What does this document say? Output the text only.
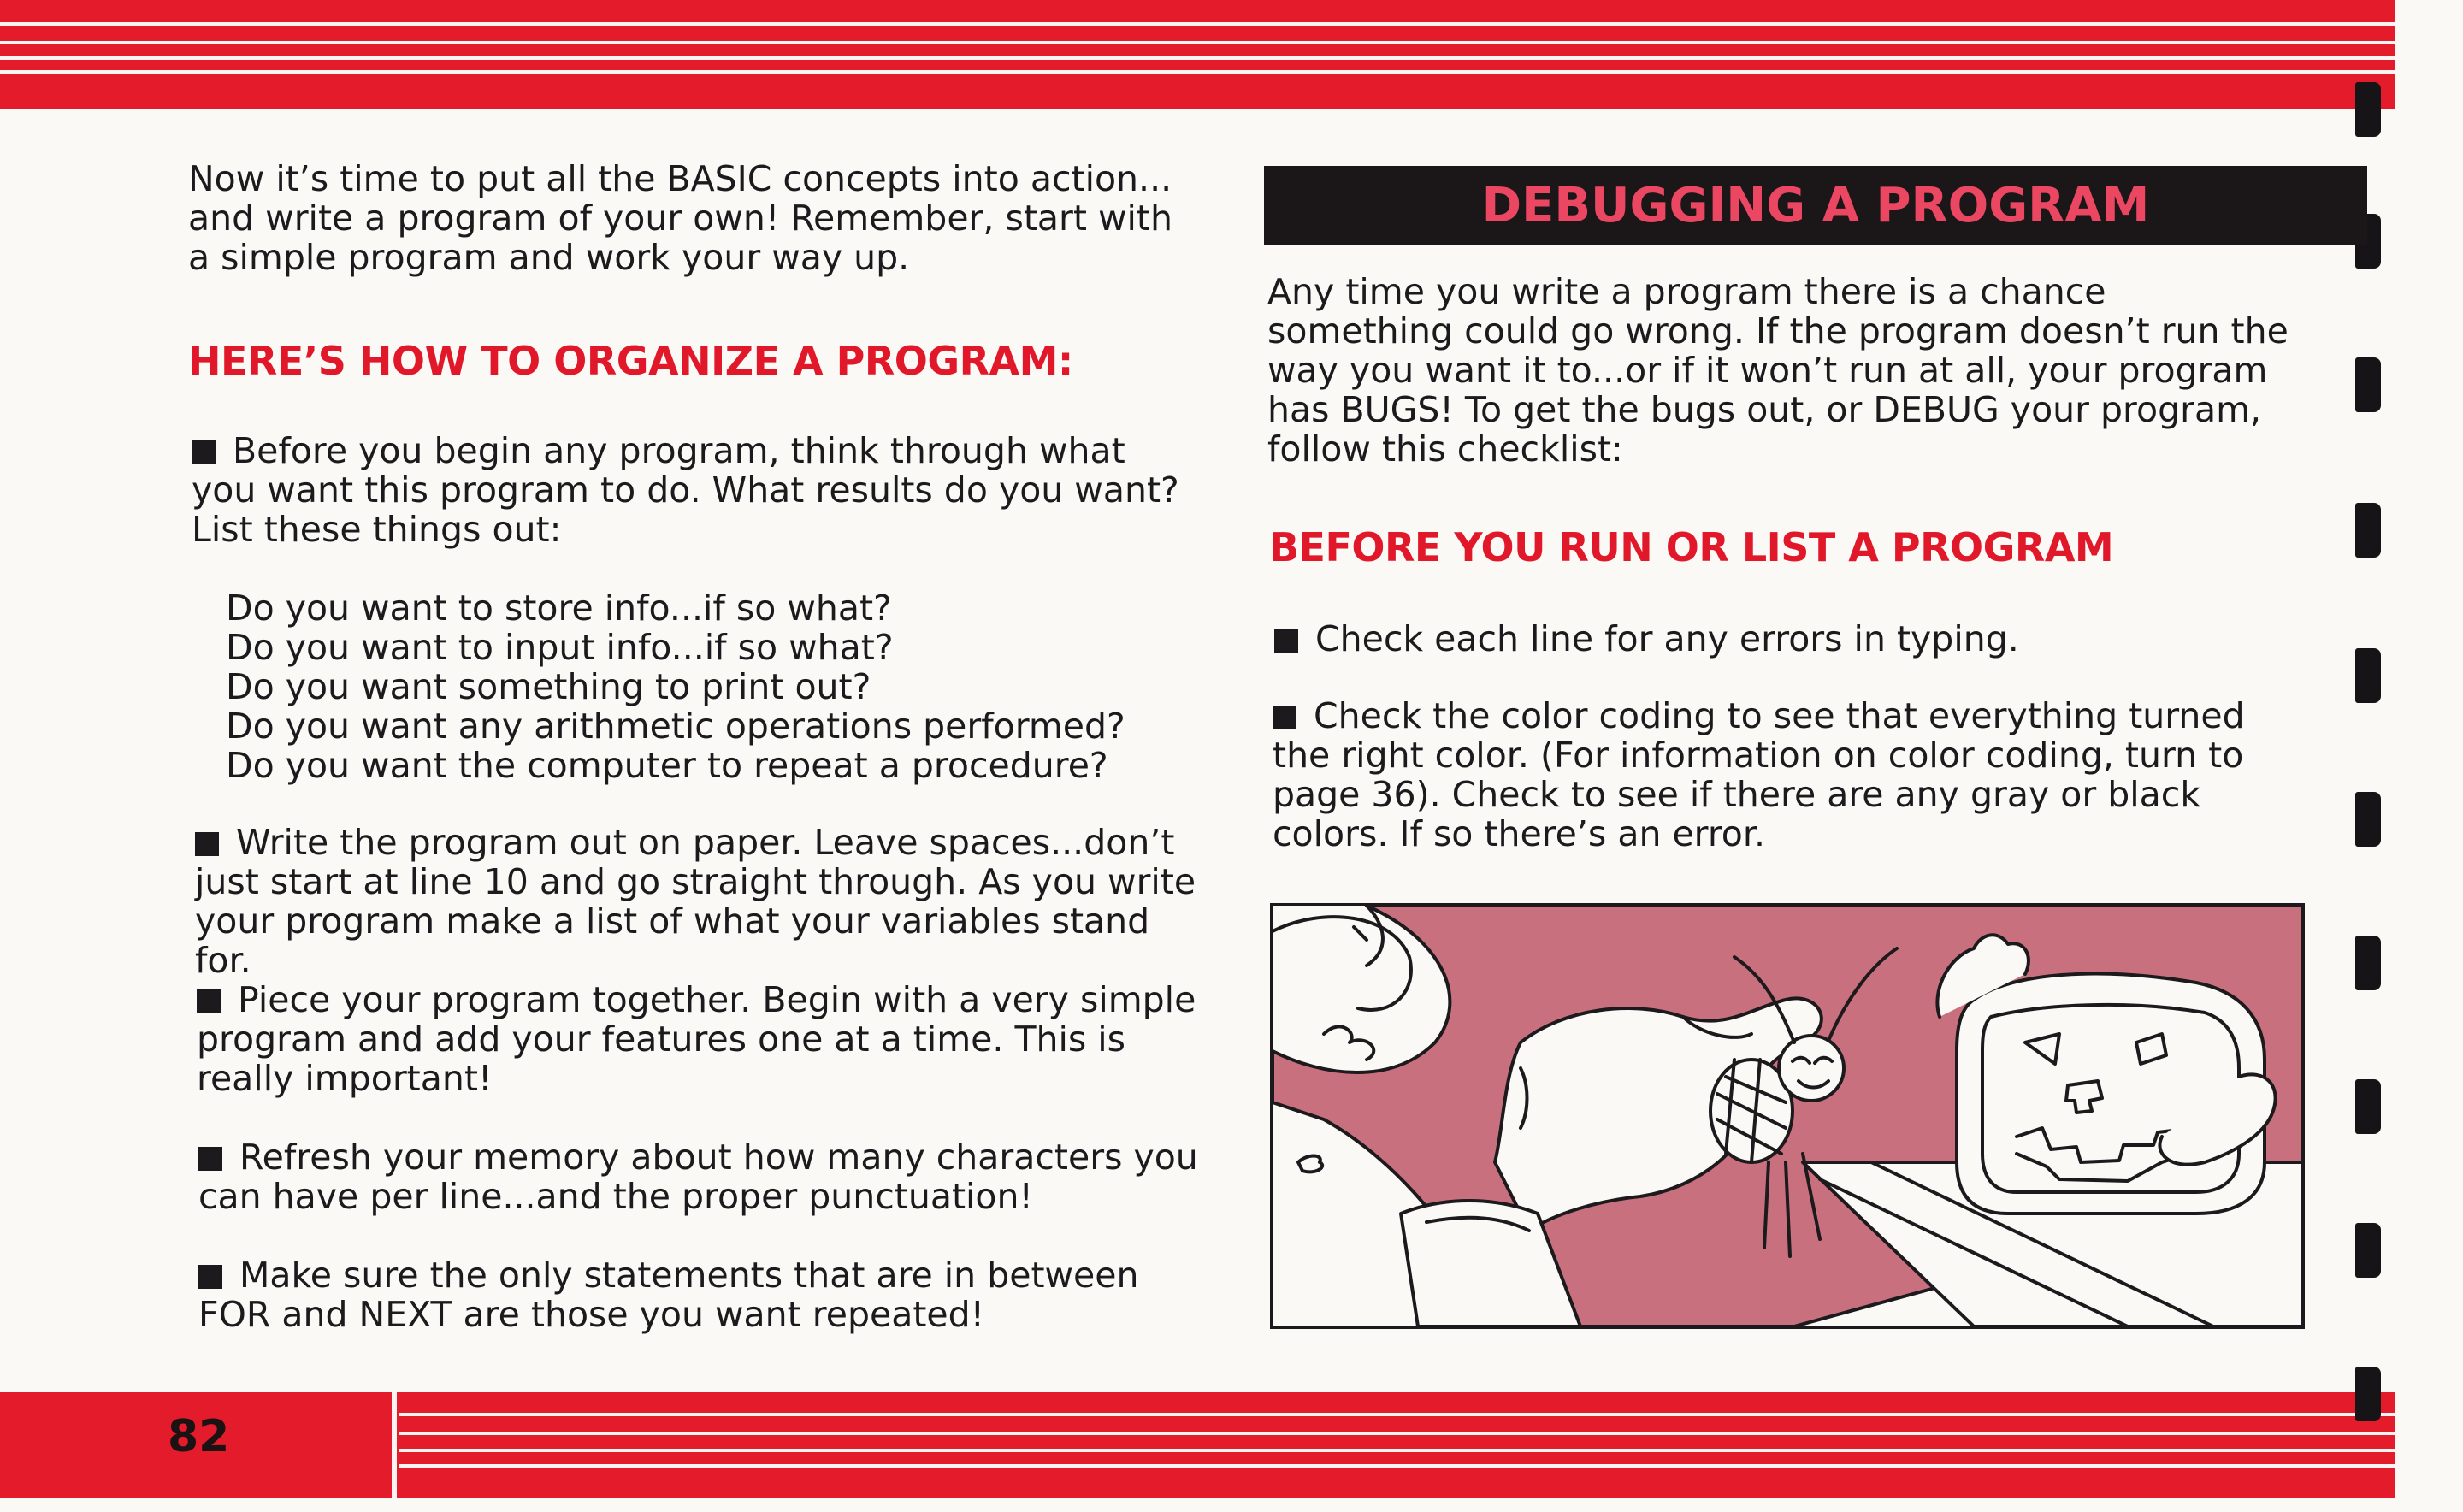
82

Now it’s time to put all the BASIC concepts into action... and write a program of your own! Remember, start with a simple program and work your way up.

HERE’S HOW TO ORGANIZE A PROGRAM:

Before you begin any program, think through what you want this program to do. What results do you want? List these things out:

Do you want to store info...if so what?
Do you want to input info...if so what?
Do you want something to print out?
Do you want any arithmetic operations performed?
Do you want the computer to repeat a procedure?

Write the program out on paper. Leave spaces...don’t just start at line 10 and go straight through. As you write your program make a list of what your variables stand for.

Piece your program together. Begin with a very simple program and add your features one at a time. This is really important!

Refresh your memory about how many characters you can have per line...and the proper punctuation!

Make sure the only statements that are in between FOR and NEXT are those you want repeated!

DEBUGGING A PROGRAM

Any time you write a program there is a chance something could go wrong. If the program doesn’t run the way you want it to...or if it won’t run at all, your program has BUGS! To get the bugs out, or DEBUG your program, follow this checklist:

BEFORE YOU RUN OR LIST A PROGRAM

Check each line for any errors in typing.

Check the color coding to see that everything turned the right color. (For information on color coding, turn to page 36). Check to see if there are any gray or black colors. If so there’s an error.
